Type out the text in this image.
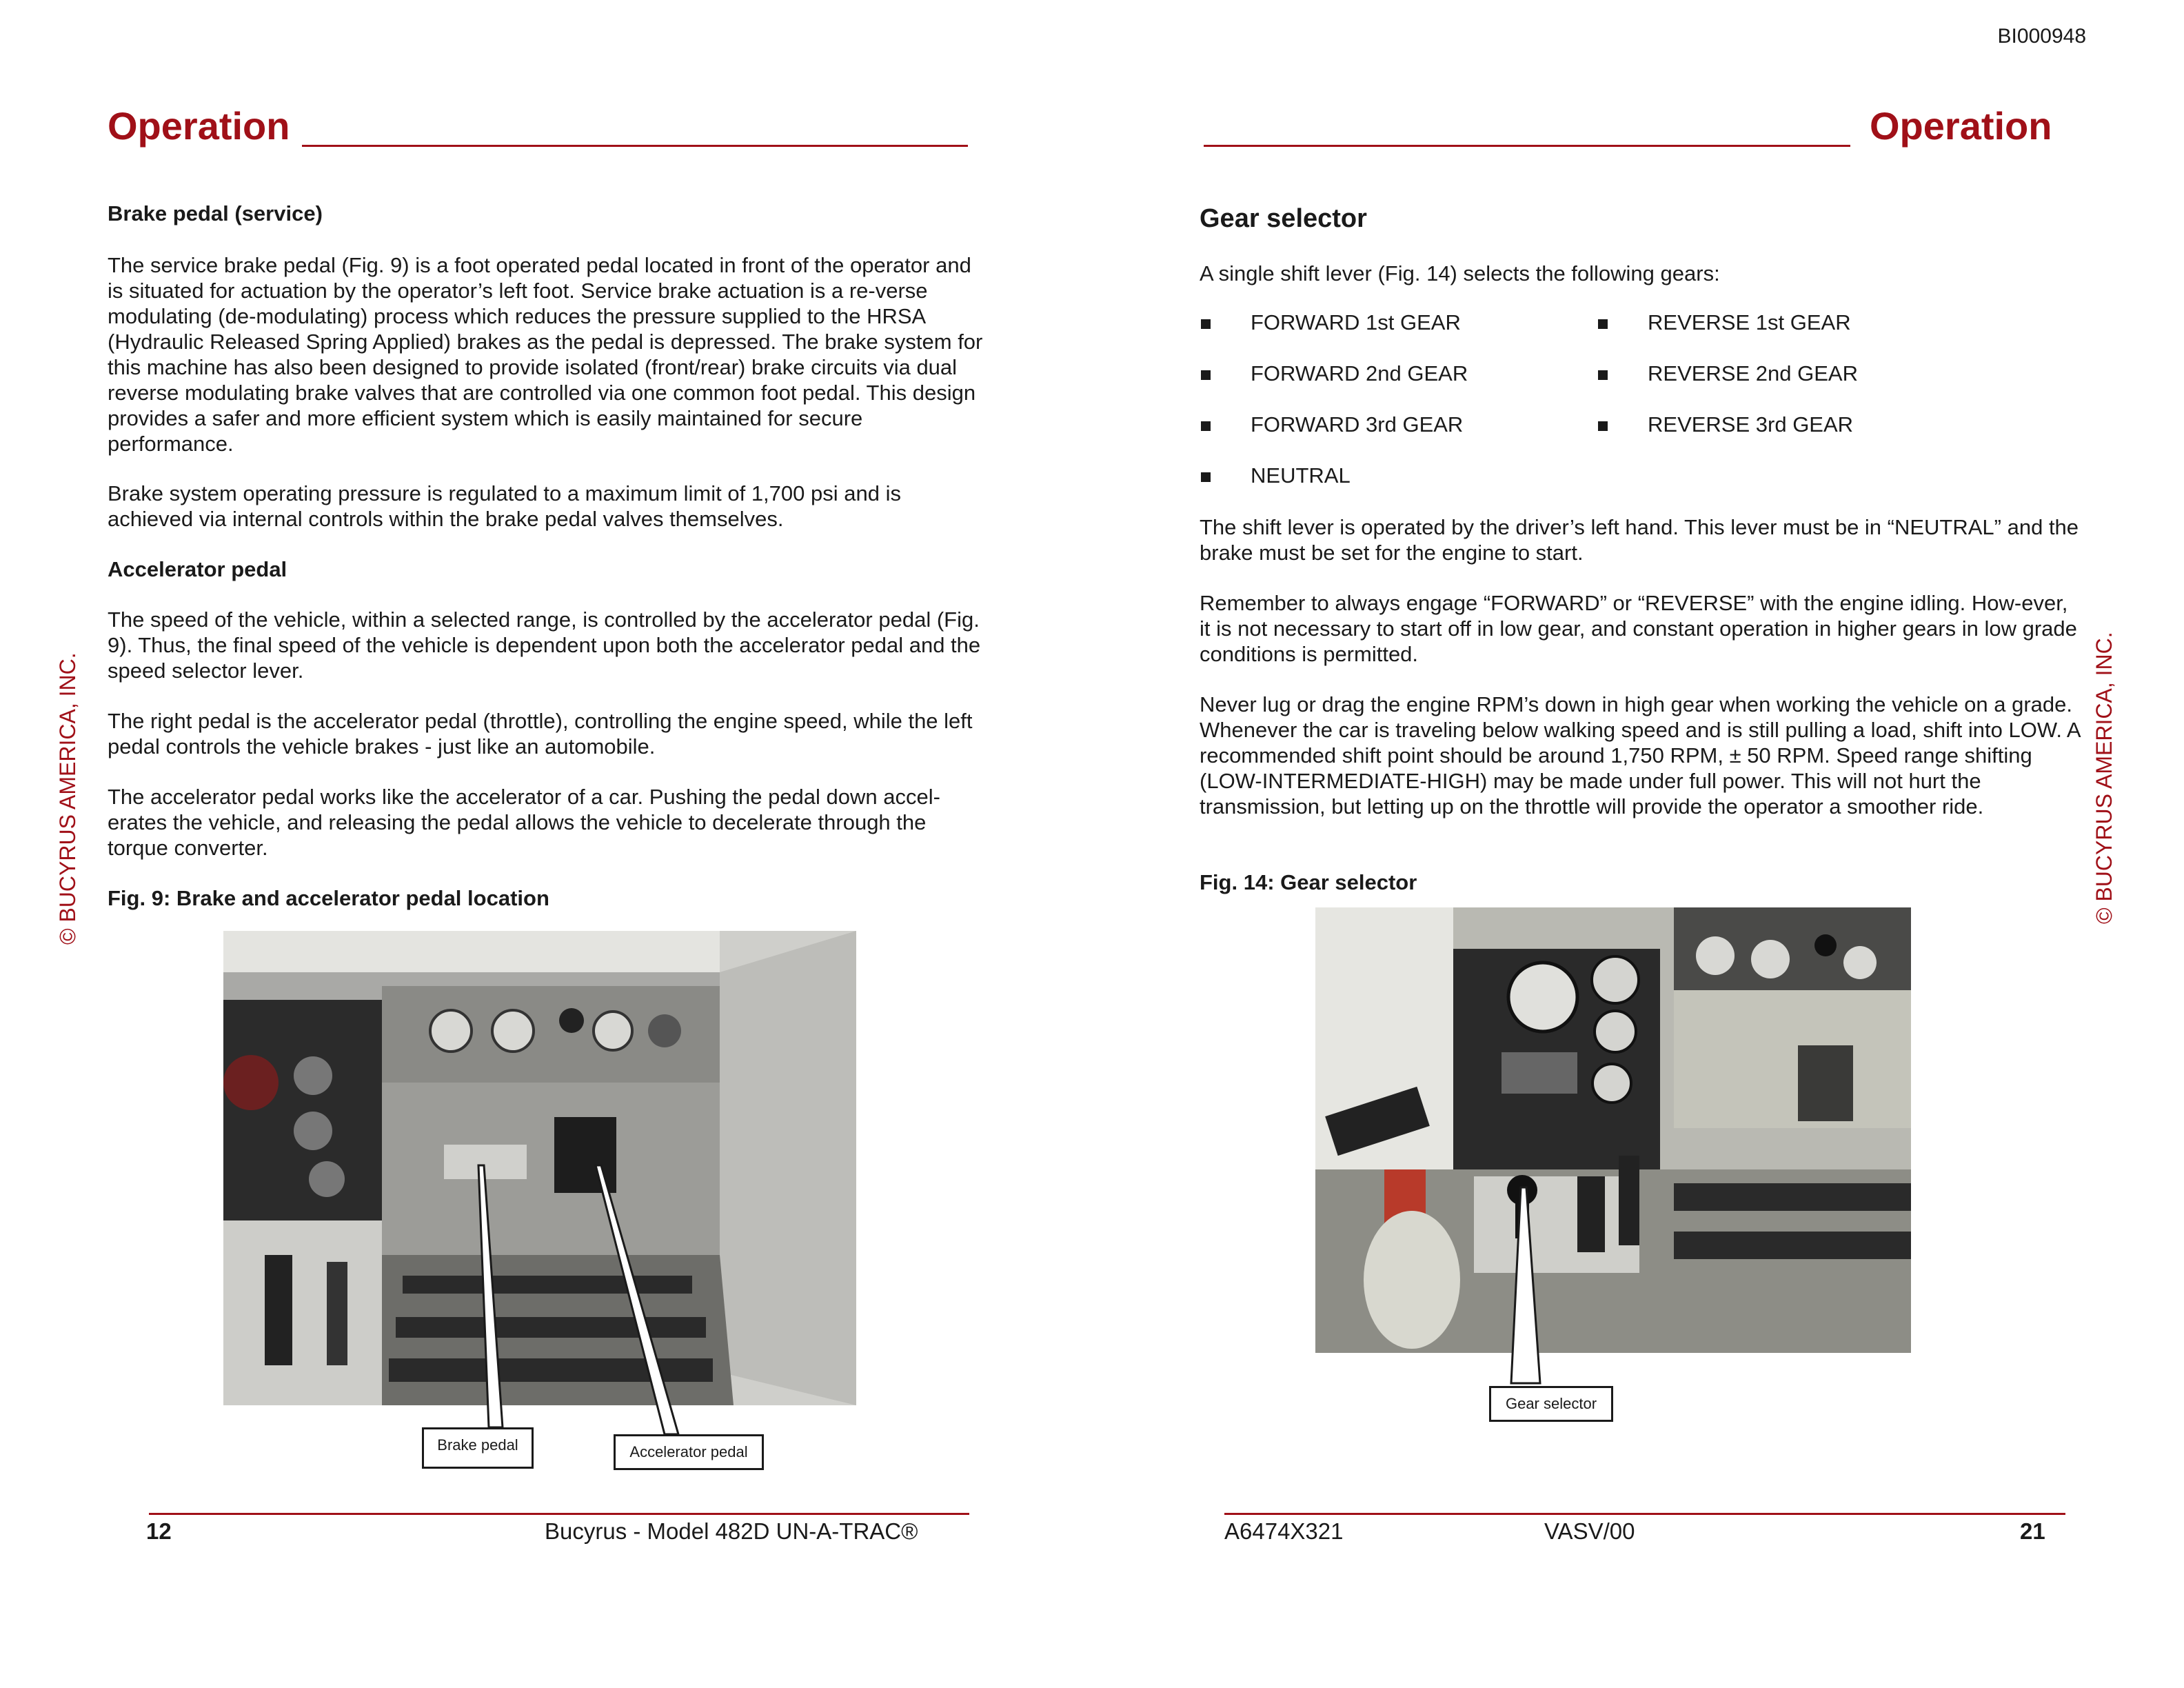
BI000948
Operation
Brake pedal (service)
The service brake pedal (Fig. 9) is a foot operated pedal located in front of the operator and is situated for actuation by the operator’s left foot. Service brake actuation is a re-verse modulating (de-modulating) process which reduces the pressure supplied to the HRSA (Hydraulic Released Spring Applied) brakes as the pedal is depressed. The brake system for this machine has also been designed to provide isolated (front/rear) brake circuits via dual reverse modulating brake valves that are controlled via one common foot pedal. This design provides a safer and more efficient system which is easily maintained for secure performance.
Brake system operating pressure is regulated to a maximum limit of 1,700 psi and is achieved via internal controls within the brake pedal valves themselves.
Accelerator pedal
The speed of the vehicle, within a selected range, is controlled by the accelerator pedal (Fig. 9). Thus, the final speed of the vehicle is dependent upon both the accelerator pedal and the speed selector lever.
The right pedal is the accelerator pedal (throttle), controlling the engine speed, while the left pedal controls the vehicle brakes - just like an automobile.
The accelerator pedal works like the accelerator of a car. Pushing the pedal down accel-erates the vehicle, and releasing the pedal allows the vehicle to decelerate through the torque converter.
Fig. 9: Brake and accelerator pedal location
Brake pedal	Accelerator pedal
© BUCYRUS AMERICA, INC.
12	Bucyrus - Model 482D UN-A-TRAC®
Operation
Gear selector
A single shift lever (Fig. 14) selects the following gears:
FORWARD 1st GEAR
FORWARD 2nd GEAR
FORWARD 3rd GEAR
NEUTRAL
REVERSE 1st GEAR
REVERSE 2nd GEAR
REVERSE 3rd GEAR
The shift lever is operated by the driver’s left hand. This lever must be in “NEUTRAL” and the brake must be set for the engine to start.
Remember to always engage “FORWARD” or “REVERSE” with the engine idling. How-ever, it is not necessary to start off in low gear, and constant operation in higher gears in low grade conditions is permitted.
Never lug or drag the engine RPM’s down in high gear when working the vehicle on a grade. Whenever the car is traveling below walking speed and is still pulling a load, shift into LOW. A recommended shift point should be around 1,750 RPM, ± 50 RPM. Speed range shifting (LOW-INTERMEDIATE-HIGH) may be made under full power. This will not hurt the transmission, but letting up on the throttle will provide the operator a smoother ride.
Fig. 14: Gear selector
Gear selector
© BUCYRUS AMERICA, INC.
A6474X321	VASV/00	21
